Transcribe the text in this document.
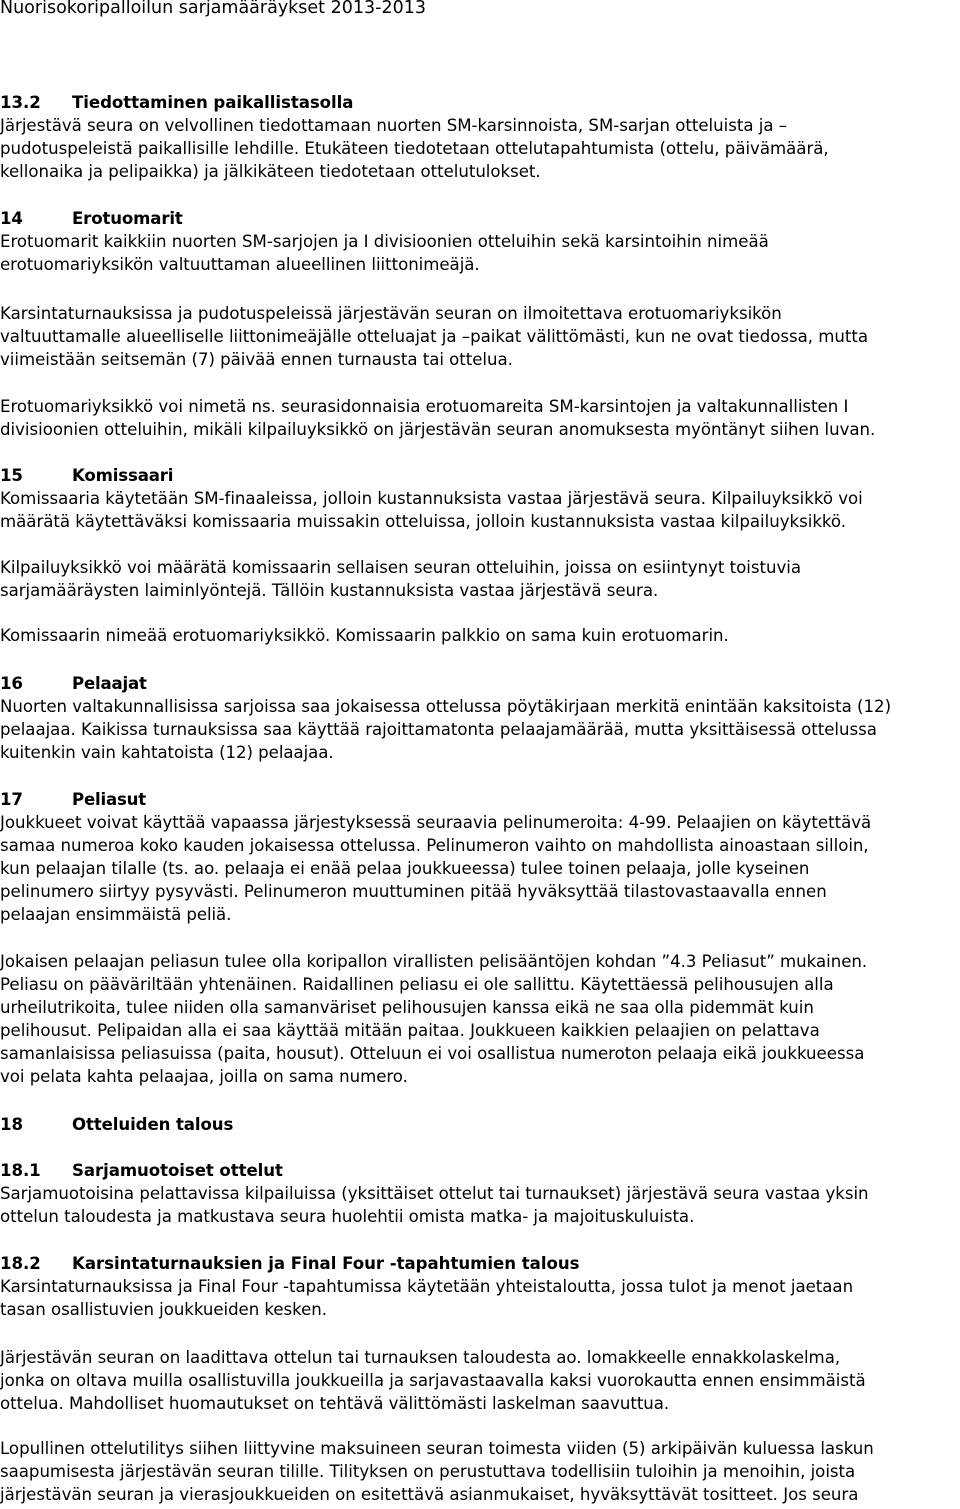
Nuorisokoripalloilun sarjamääräykset 2013-2013
13.2 Tiedottaminen paikallistasolla
Järjestävä seura on velvollinen tiedottamaan nuorten SM-karsinnoista, SM-sarjan otteluista ja –
pudotuspeleistä paikallisille lehdille. Etukäteen tiedotetaan ottelutapahtumista (ottelu, päivämäärä,
kellonaika ja pelipaikka) ja jälkikäteen tiedotetaan ottelutulokset.
14	Erotuomarit
Erotuomarit kaikkiin nuorten SM-sarjojen ja I divisioonien otteluihin sekä karsintoihin nimeää
erotuomariyksikön valtuuttaman alueellinen liittonimeäjä.
Karsintaturnauksissa ja pudotuspeleissä järjestävän seuran on ilmoitettava erotuomariyksikön
valtuuttamalle alueelliselle liittonimeäjälle otteluajat ja –paikat välittömästi, kun ne ovat tiedossa, mutta
viimeistään seitsemän (7) päivää ennen turnausta tai ottelua.
Erotuomariyksikkö voi nimetä ns. seurasidonnaisia erotuomareita SM-karsintojen ja valtakunnallisten I
divisioonien otteluihin, mikäli kilpailuyksikkö on järjestävän seuran anomuksesta myöntänyt siihen luvan.
15	Komissaari
Komissaaria käytetään SM-finaaleissa, jolloin kustannuksista vastaa järjestävä seura. Kilpailuyksikkö voi
määrätä käytettäväksi komissaaria muissakin otteluissa, jolloin kustannuksista vastaa kilpailuyksikkö.
Kilpailuyksikkö voi määrätä komissaarin sellaisen seuran otteluihin, joissa on esiintynyt toistuvia
sarjamääräysten laiminlyöntejä. Tällöin kustannuksista vastaa järjestävä seura.
Komissaarin nimeää erotuomariyksikkö. Komissaarin palkkio on sama kuin erotuomarin.
16	Pelaajat
Nuorten valtakunnallisissa sarjoissa saa jokaisessa ottelussa pöytäkirjaan merkitä enintään kaksitoista (12)
pelaajaa. Kaikissa turnauksissa saa käyttää rajoittamatonta pelaajamäärää, mutta yksittäisessä ottelussa
kuitenkin vain kahtatoista (12) pelaajaa.
17	Peliasut
Joukkueet voivat käyttää vapaassa järjestyksessä seuraavia pelinumeroita: 4-99. Pelaajien on käytettävä
samaa numeroa koko kauden jokaisessa ottelussa. Pelinumeron vaihto on mahdollista ainoastaan silloin,
kun pelaajan tilalle (ts. ao. pelaaja ei enää pelaa joukkueessa) tulee toinen pelaaja, jolle kyseinen
pelinumero siirtyy pysyvästi. Pelinumeron muuttuminen pitää hyväksyttää tilastovastaavalla ennen
pelaajan ensimmäistä peliä.
Jokaisen pelaajan peliasun tulee olla koripallon virallisten pelisääntöjen kohdan ”4.3 Peliasut” mukainen.
Peliasu on pääväriltään yhtenäinen. Raidallinen peliasu ei ole sallittu. Käytettäessä pelihousujen alla
urheilutrikoita, tulee niiden olla samanväriset pelihousujen kanssa eikä ne saa olla pidemmät kuin
pelihousut. Pelipaidan alla ei saa käyttää mitään paitaa. Joukkueen kaikkien pelaajien on pelattava
samanlaisissa peliasuissa (paita, housut). Otteluun ei voi osallistua numeroton pelaaja eikä joukkueessa
voi pelata kahta pelaajaa, joilla on sama numero.
18	Otteluiden talous
18.1 Sarjamuotoiset ottelut
Sarjamuotoisina pelattavissa kilpailuissa (yksittäiset ottelut tai turnaukset) järjestävä seura vastaa yksin
ottelun taloudesta ja matkustava seura huolehtii omista matka- ja majoituskuluista.
18.2 Karsintaturnauksien ja Final Four -tapahtumien talous
Karsintaturnauksissa ja Final Four -tapahtumissa käytetään yhteistaloutta, jossa tulot ja menot jaetaan
tasan osallistuvien joukkueiden kesken.
Järjestävän seuran on laadittava ottelun tai turnauksen taloudesta ao. lomakkeelle ennakkolaskelma,
jonka on oltava muilla osallistuvilla joukkueilla ja sarjavastaavalla kaksi vuorokautta ennen ensimmäistä
ottelua. Mahdolliset huomautukset on tehtävä välittömästi laskelman saavuttua.
Lopullinen ottelutilitys siihen liittyvine maksuineen seuran toimesta viiden (5) arkipäivän kuluessa laskun
saapumisesta järjestävän seuran tilille. Tilityksen on perustuttava todellisiin tuloihin ja menoihin, joista
järjestävän seuran ja vierasjoukkueiden on esitettävä asianmukaiset, hyväksyttävät tositteet. Jos seura
